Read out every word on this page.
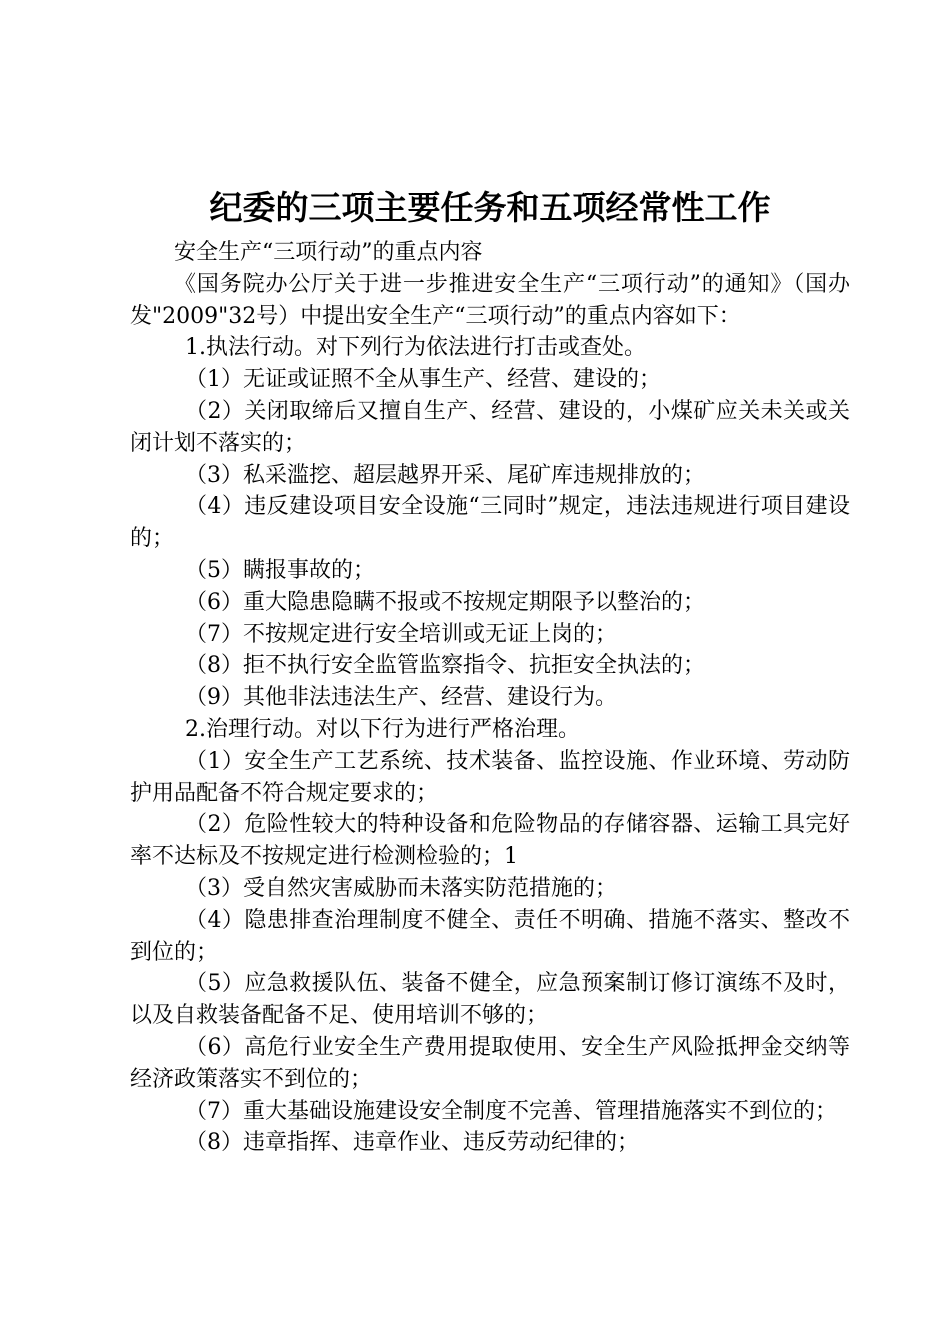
纪委的三项主要任务和五项经常性工作

安全生产“三项行动”的重点内容

《国务院办公厅关于进一步推进安全生产“三项行动”的通知》（国办发"2009"32号）中提出安全生产“三项行动”的重点内容如下：

1.执法行动。对下列行为依法进行打击或查处。

（1）无证或证照不全从事生产、经营、建设的；

（2）关闭取缔后又擅自生产、经营、建设的，小煤矿应关未关或关闭计划不落实的；

（3）私采滥挖、超层越界开采、尾矿库违规排放的；

（4）违反建设项目安全设施“三同时”规定，违法违规进行项目建设的；

（5）瞒报事故的；

（6）重大隐患隐瞒不报或不按规定期限予以整治的；

（7）不按规定进行安全培训或无证上岗的；

（8）拒不执行安全监管监察指令、抗拒安全执法的；

（9）其他非法违法生产、经营、建设行为。

2.治理行动。对以下行为进行严格治理。

（1）安全生产工艺系统、技术装备、监控设施、作业环境、劳动防护用品配备不符合规定要求的；

（2）危险性较大的特种设备和危险物品的存储容器、运输工具完好率不达标及不按规定进行检测检验的；1

（3）受自然灾害威胁而未落实防范措施的；

（4）隐患排查治理制度不健全、责任不明确、措施不落实、整改不到位的；

（5）应急救援队伍、装备不健全，应急预案制订修订演练不及时，以及自救装备配备不足、使用培训不够的；

（6）高危行业安全生产费用提取使用、安全生产风险抵押金交纳等经济政策落实不到位的；

（7）重大基础设施建设安全制度不完善、管理措施落实不到位的；

（8）违章指挥、违章作业、违反劳动纪律的；
